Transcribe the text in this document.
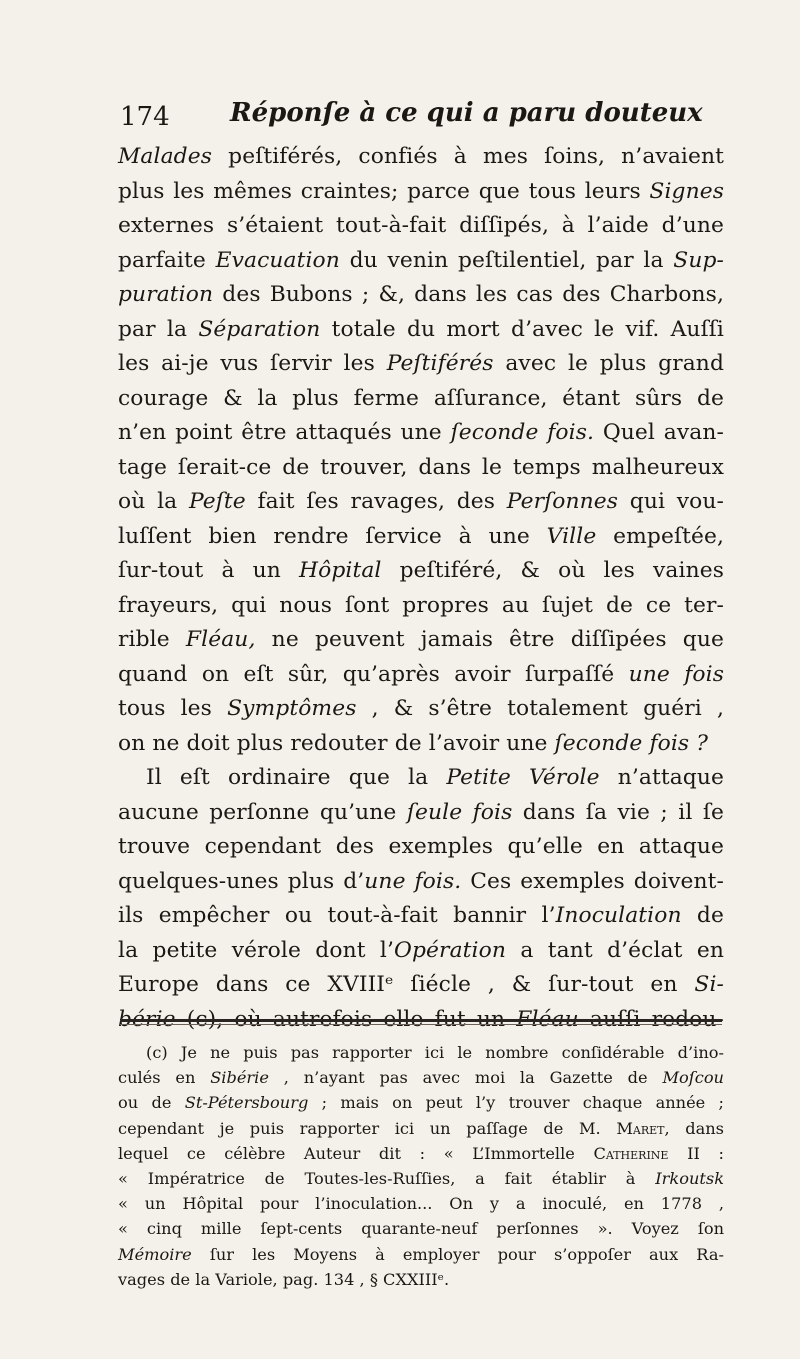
174 Réponſe à ce qui a paru douteux
Malades peſtiférés, confiés à mes ſoins, n’avaient
plus les mêmes craintes; parce que tous leurs Signes
externes s’étaient tout-à-fait diſſipés, à l’aide d’une
parfaite Evacuation du venin peſtilentiel, par la Sup-
puration des Bubons ; &, dans les cas des Charbons,
par la Séparation totale du mort d’avec le vif. Auſſi
les ai-je vus ſervir les Peſtiférés avec le plus grand
courage & la plus ferme aſſurance, étant sûrs de
n’en point être attaqués une ſeconde fois. Quel avan-
tage ſerait-ce de trouver, dans le temps malheureux
où la Peſte fait ſes ravages, des Perſonnes qui vou-
luſſent bien rendre ſervice à une Ville empeſtée,
ſur-tout à un Hôpital peſtiféré, & où les vaines
frayeurs, qui nous ſont propres au ſujet de ce ter-
rible Fléau, ne peuvent jamais être diſſipées que
quand on eſt sûr, qu’après avoir ſurpaſſé une fois
tous les Symptômes , & s’être totalement guéri ,
on ne doit plus redouter de l’avoir une ſeconde fois ?
Il eſt ordinaire que la Petite Vérole n’attaque
aucune perſonne qu’une ſeule fois dans ſa vie ; il ſe
trouve cependant des exemples qu’elle en attaque
quelques-unes plus d’une fois. Ces exemples doivent-
ils empêcher ou tout-à-fait bannir l’Inoculation de
la petite vérole dont l’Opération a tant d’éclat en
Europe dans ce XVIIIᵉ ſiécle , & ſur-tout en Si-
bérie (c), où autrefois elle fut un Fléau auſſi redou-
(c) Je ne puis pas rapporter ici le nombre conſidérable d’ino-
culés en Sibérie , n’ayant pas avec moi la Gazette de Moſcou
ou de St-Pétersbourg ; mais on peut l’y trouver chaque année ;
cependant je puis rapporter ici un paſſage de M. Maret, dans
lequel ce célèbre Auteur dit : « L’Immortelle Catherine II :
« Impératrice de Toutes-les-Ruſſies, a fait établir à Irkoutsk
« un Hôpital pour l’inoculation... On y a inoculé, en 1778 ,
« cinq mille ſept-cents quarante-neuf perſonnes ». Voyez ſon
Mémoire ſur les Moyens à employer pour s’oppoſer aux Ra-
vages de la Variole, pag. 134 , § CXXIIIᵉ.
